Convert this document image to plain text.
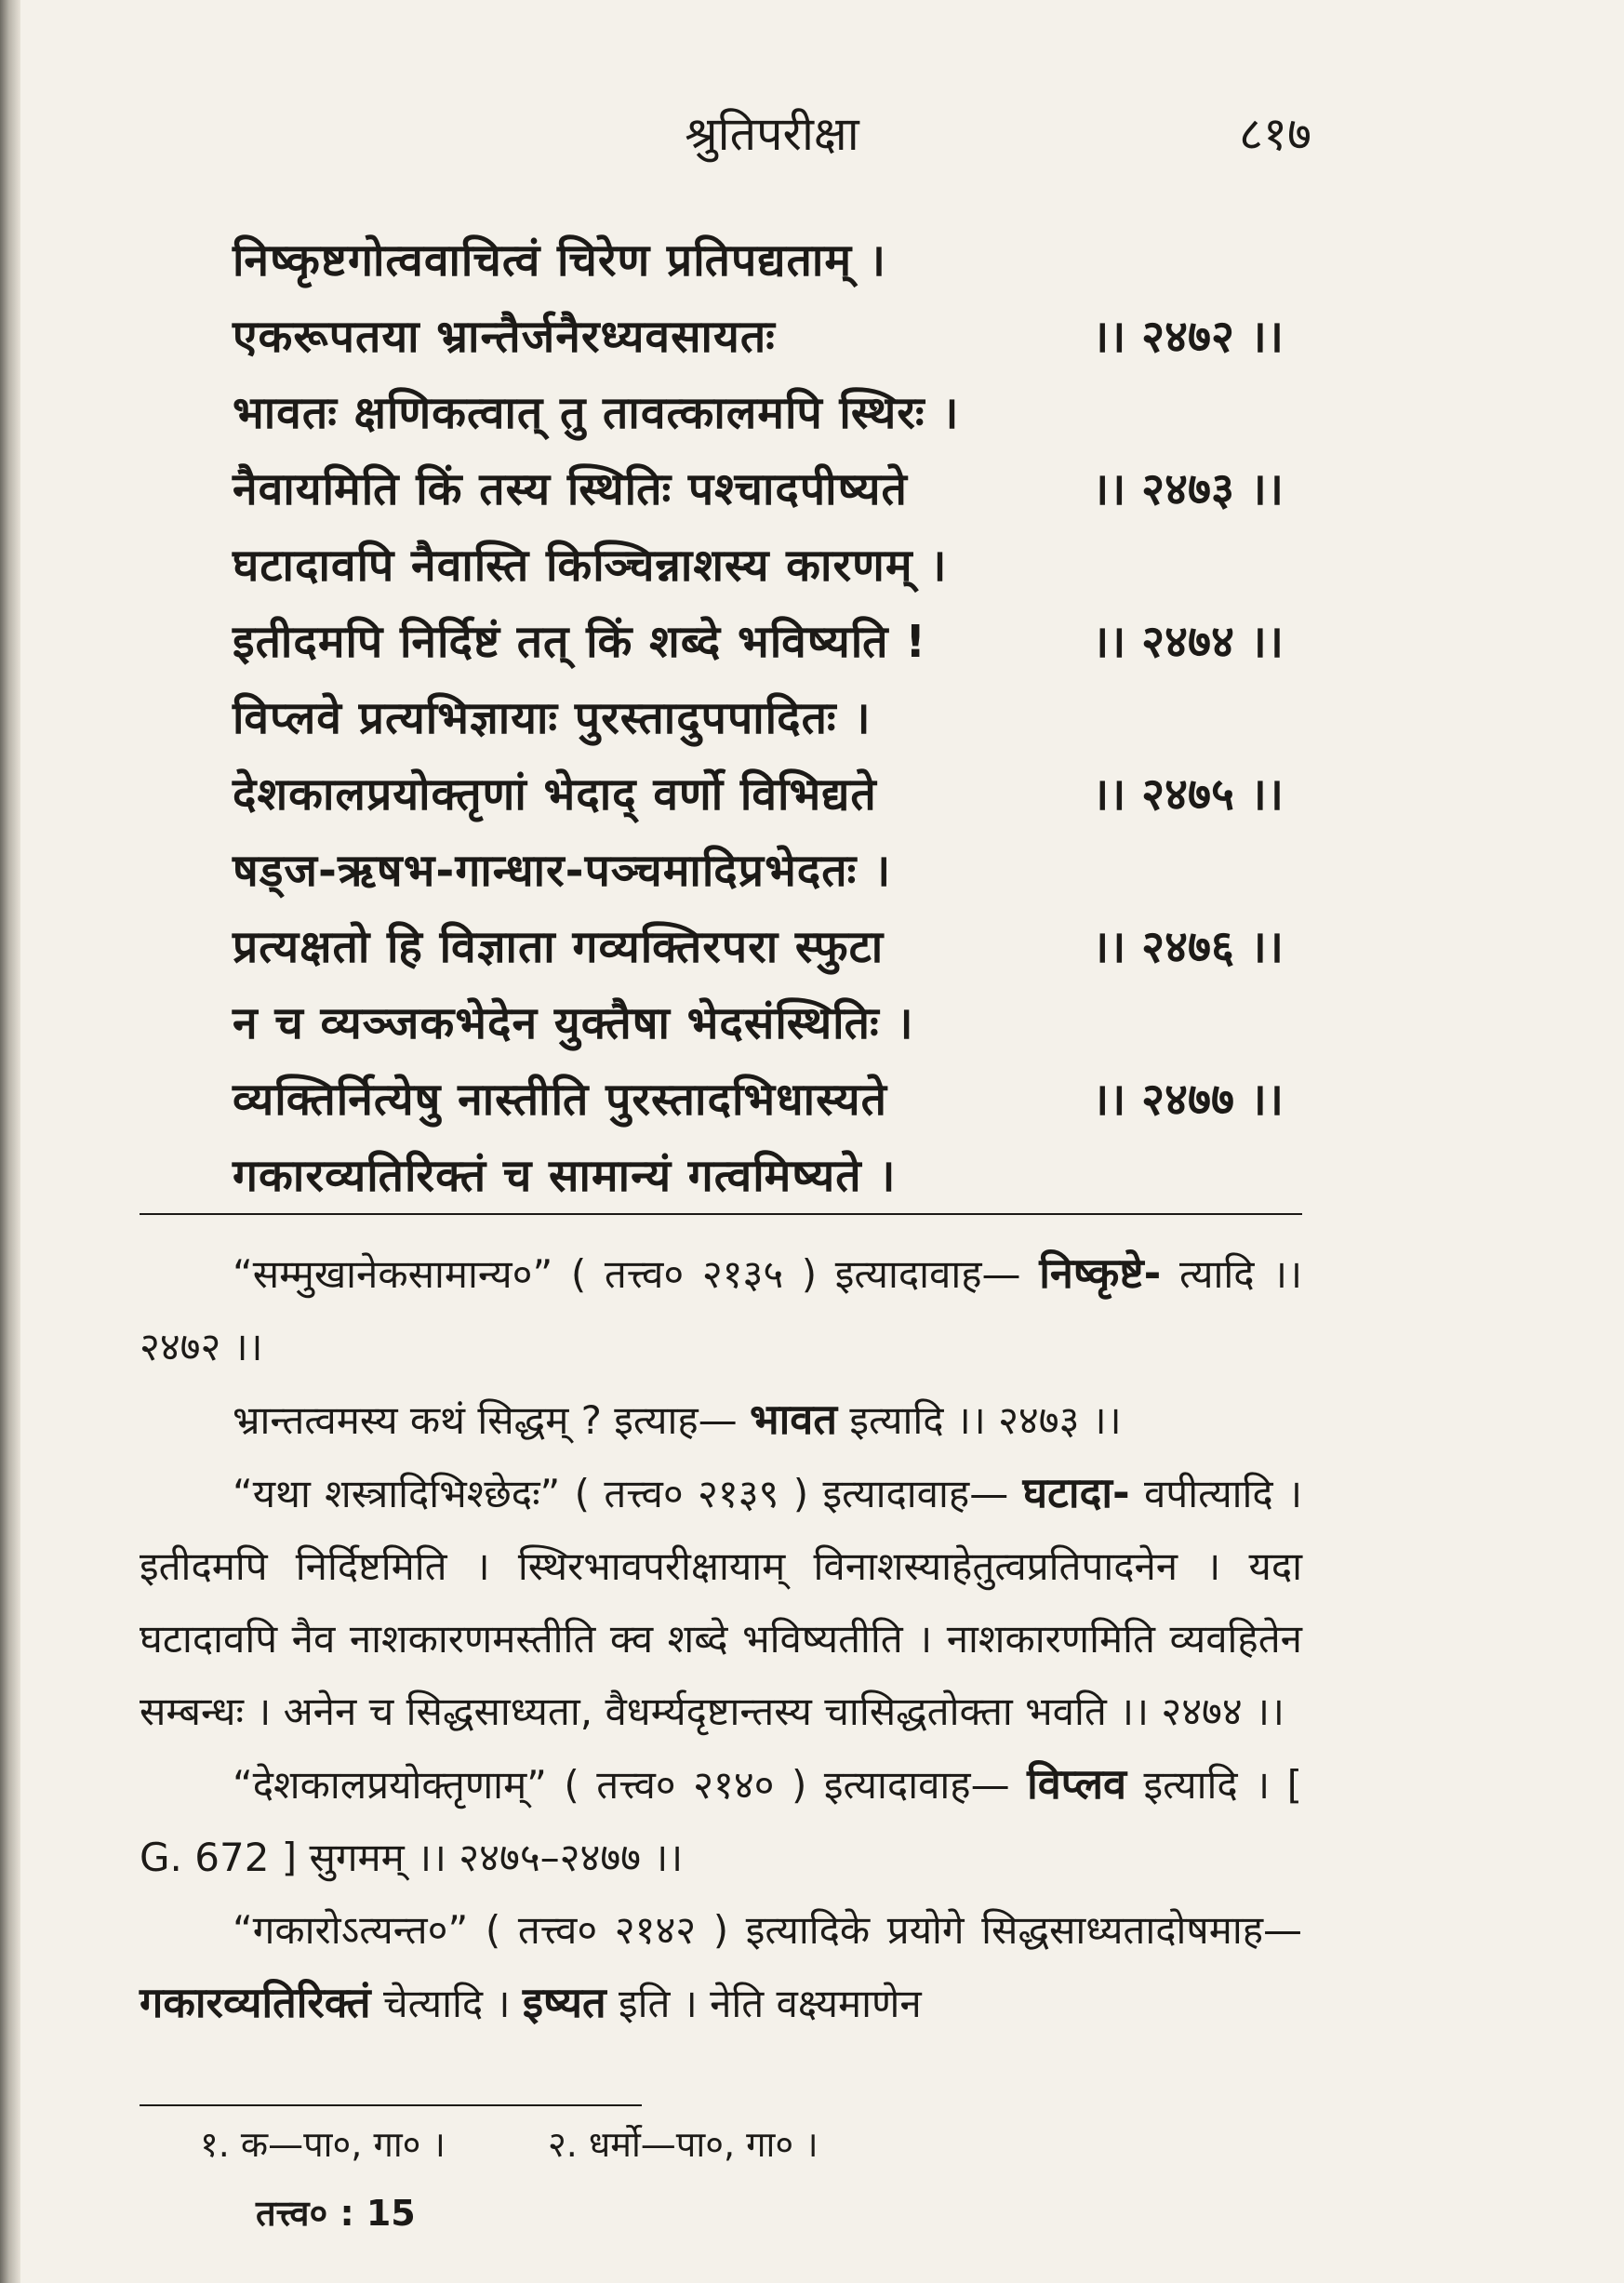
श्रुतिपरीक्षा	८१७
निष्कृष्टगोत्ववाचित्वं चिरेण प्रतिपद्यताम् ।
एकरूपतया भ्रान्तैर्जनैरध्यवसायतः	।। २४७२ ।।
भावतः क्षणिकत्वात् तु तावत्कालमपि स्थिरः ।
नैवायमिति किं तस्य स्थितिः पश्चादपीष्यते	।। २४७३ ।।
घटादावपि नैवास्ति किञ्चिन्नाशस्य कारणम् ।
इतीदमपि निर्दिष्टं तत् किं शब्दे भविष्यति !	।। २४७४ ।।
विप्लवे प्रत्यभिज्ञायाः पुरस्तादुपपादितः ।
देशकालप्रयोक्तृणां भेदाद् वर्णो विभिद्यते	।। २४७५ ।।
षड्ज-ऋषभ-गान्धार-पञ्चमादिप्रभेदतः ।
प्रत्यक्षतो हि विज्ञाता गव्यक्तिरपरा स्फुटा	।। २४७६ ।।
न च व्यञ्जकभेदेन युक्तैषा भेदसंस्थितिः ।
व्यक्तिर्नित्येषु नास्तीति पुरस्तादभिधास्यते	।। २४७७ ।।
गकारव्यतिरिक्तं च सामान्यं गत्वमिष्यते ।

“सम्मुखानेकसामान्य०” ( तत्त्व० २१३५ ) इत्यादावाह— निष्कृष्टे- त्यादि ।। २४७२ ।।

भ्रान्तत्वमस्य कथं सिद्धम् ? इत्याह— भावत इत्यादि ।। २४७३ ।।

“यथा शस्त्रादिभिश्छेदः” ( तत्त्व० २१३९ ) इत्यादावाह— घटादा- वपीत्यादि । इतीदमपि निर्दिष्टमिति । स्थिरभावपरीक्षायाम् विनाशस्याहेतुत्वप्रतिपादनेन । यदा घटादावपि नैव नाशकारणमस्तीति क्व शब्दे भविष्यतीति । नाशकारणमिति व्यवहितेन सम्बन्धः । अनेन च सिद्धसाध्यता, वैधर्म्यदृष्टान्तस्य चासिद्धतोक्ता भवति ।। २४७४ ।।

“देशकालप्रयोक्तृणाम्” ( तत्त्व० २१४० ) इत्यादावाह— विप्लव इत्यादि । [ G. 672 ] सुगमम् ।। २४७५–२४७७ ।।

“गकारोऽत्यन्त०” ( तत्त्व० २१४२ ) इत्यादिके प्रयोगे सिद्धसाध्यतादोषमाह— गकारव्यतिरिक्तं चेत्यादि । इष्यत इति । नेति वक्ष्यमाणेन

१. क—पा०, गा० ।	२. धर्मो—पा०, गा० ।
तत्त्व० : 15
